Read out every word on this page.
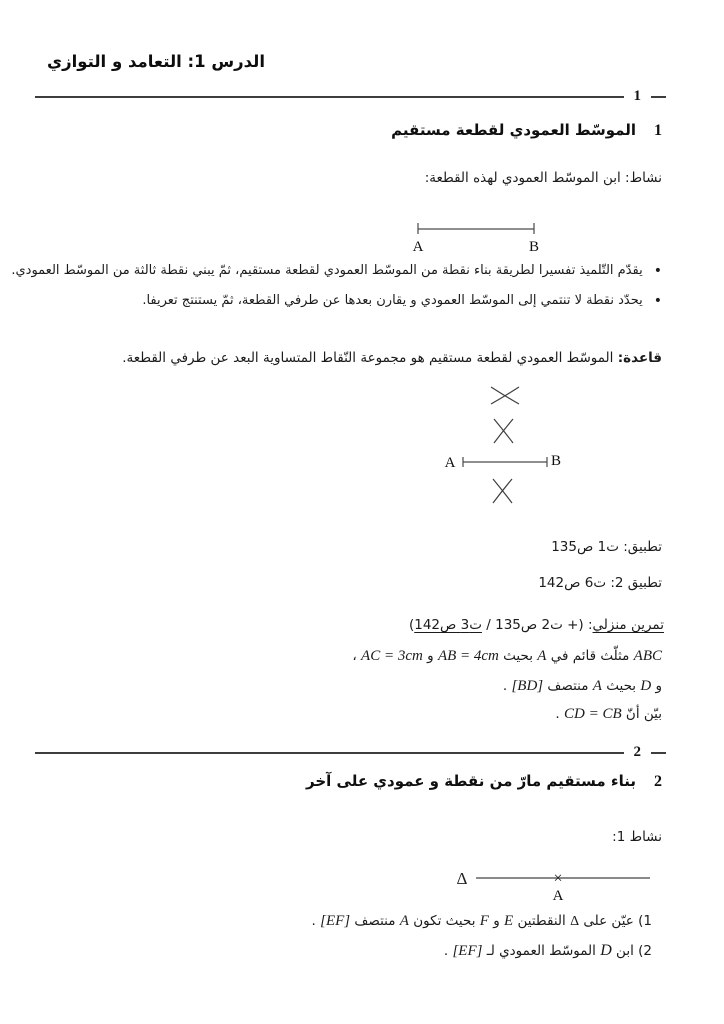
الدرس 1: التعامد و التوازي
1
1
الموسّط العمودي لقطعة مستقيم
نشاط: ابن الموسّط العمودي لهذه القطعة:
A	B
•
يقدّم التّلميذ تفسيرا لطريقة بناء نقطة من الموسّط العمودي لقطعة مستقيم، ثمّ يبني نقطة ثالثة من الموسّط العمودي.
•
يحدّد نقطة لا تنتمي إلى الموسّط العمودي و يقارن بعدها عن طرفي القطعة، ثمّ يستنتج تعريفا.
قاعدة: الموسّط العمودي لقطعة مستقيم هو مجموعة النّقاط المتساوية البعد عن طرفي القطعة.
A	B
تطبيق: ت1 ص135
تطبيق 2: ت6 ص142
تمرين منزلي: (+ ت2 ص135 / ت3 ص142)
ABC مثلّث قائم في A بحيث AB = 4cm و AC = 3cm ،
و D بحيث A منتصف [BD] .
بيّن أنّ CD = CB .
2
2
بناء مستقيم مارّ من نقطة و عمودي على آخر
نشاط 1:
Δ	×
A
1) عيّن على Δ النقطتين E و F بحيث تكون A منتصف [EF] .
2) ابن D الموسّط العمودي لـ [EF] .
